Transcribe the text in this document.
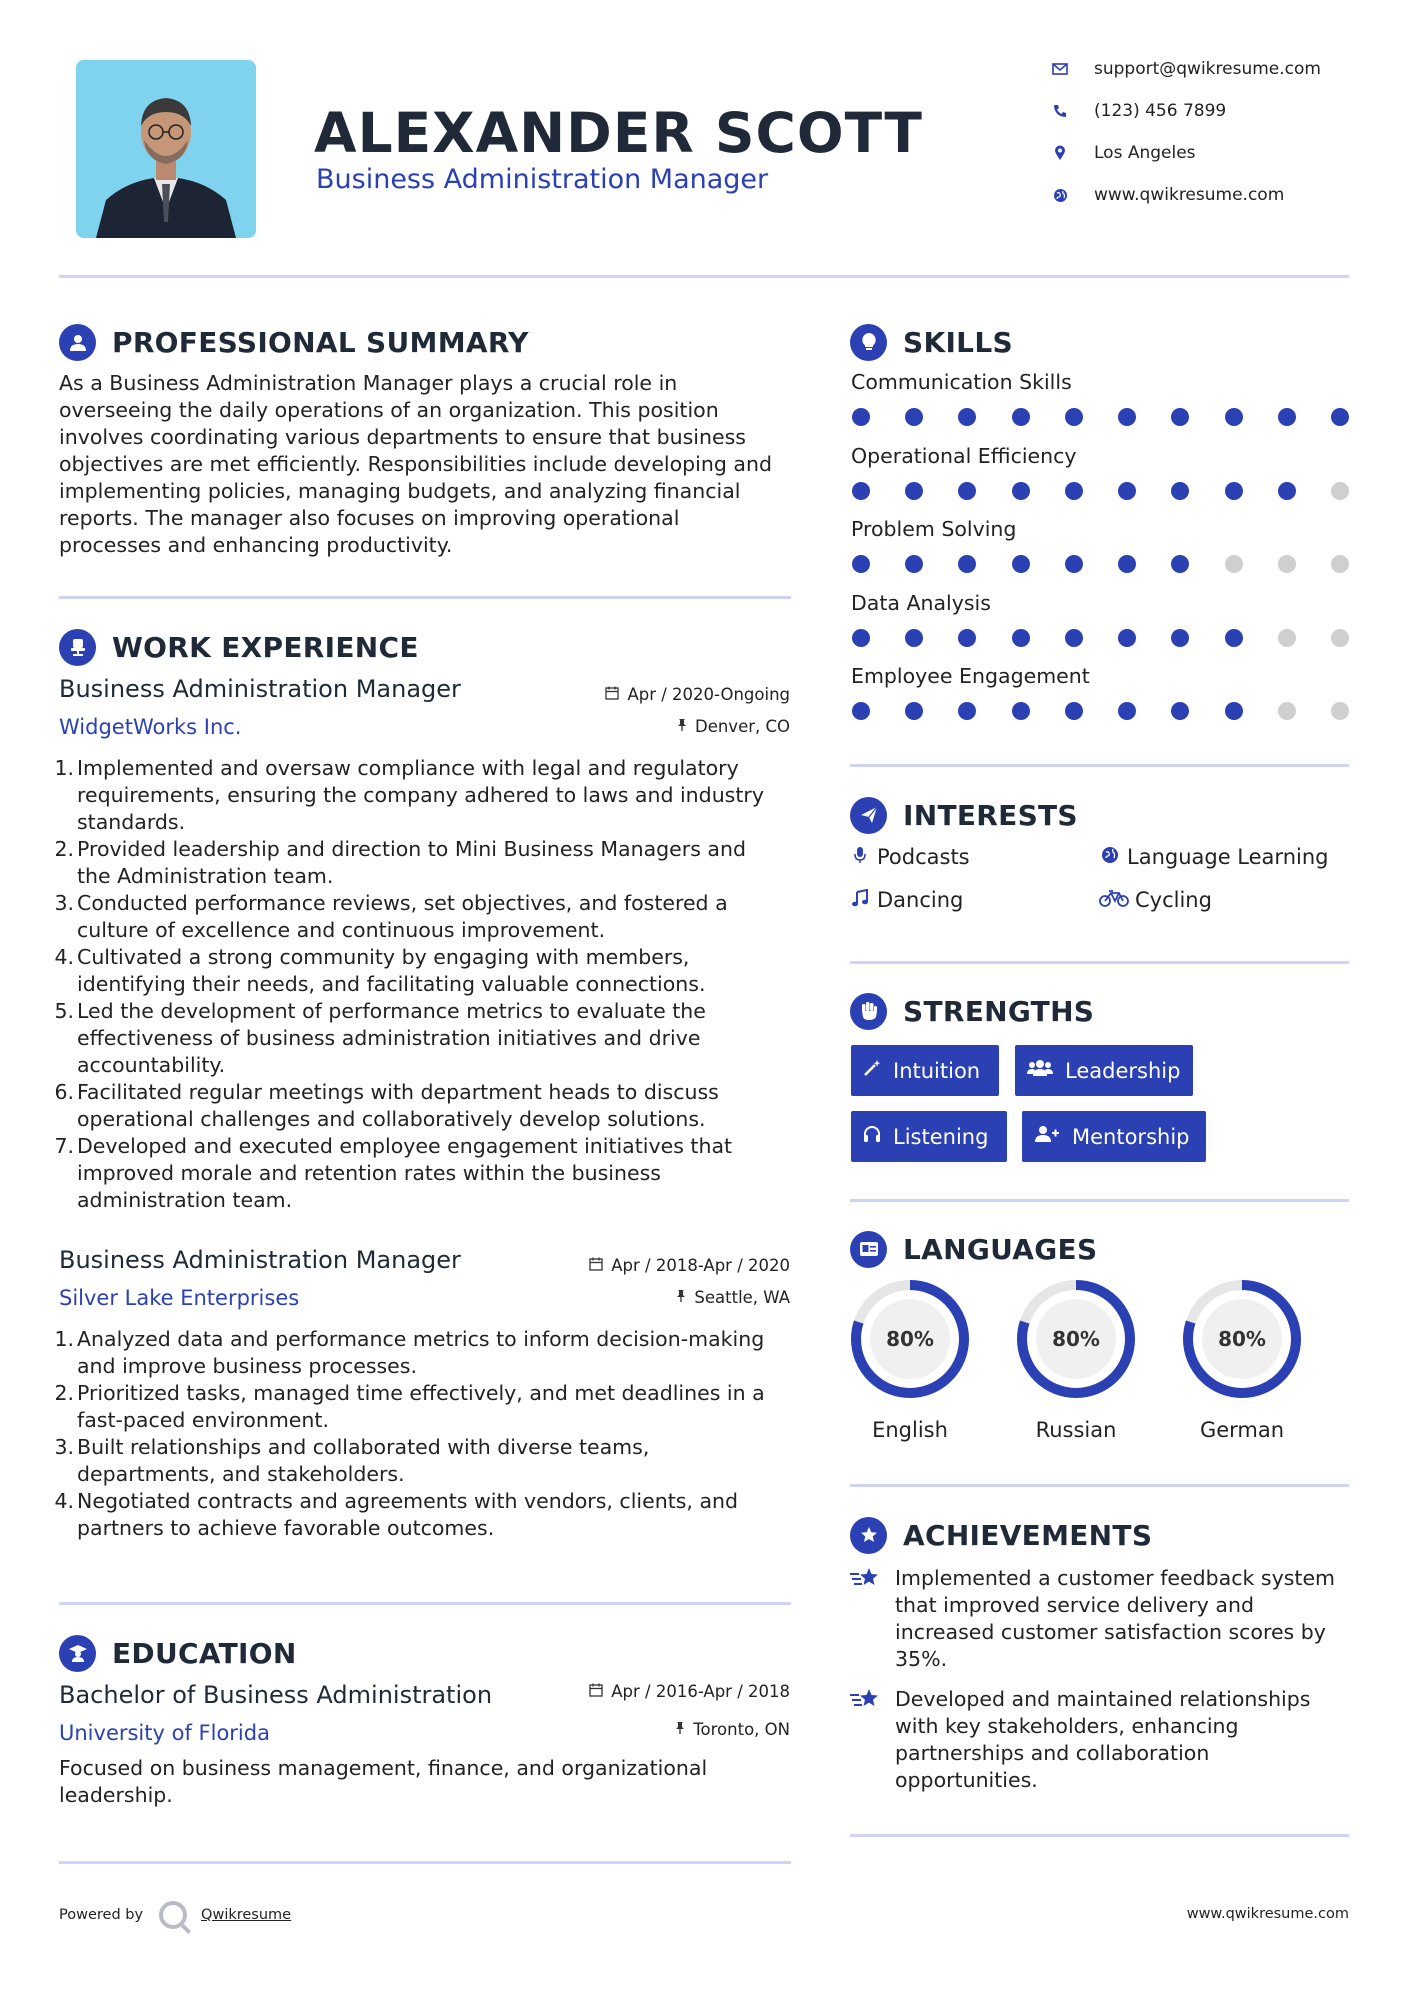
ALEXANDER SCOTT
Business Administration Manager
support@qwikresume.com
(123) 456 7899
Los Angeles
www.qwikresume.com
PROFESSIONAL SUMMARY
As a Business Administration Manager plays a crucial role in
overseeing the daily operations of an organization. This position
involves coordinating various departments to ensure that business
objectives are met efficiently. Responsibilities include developing and
implementing policies, managing budgets, and analyzing financial
reports. The manager also focuses on improving operational
processes and enhancing productivity.
WORK EXPERIENCE
Business Administration Manager
WidgetWorks Inc.
Apr / 2020-Ongoing
Denver, CO
1. Implemented and oversaw compliance with legal and regulatory
requirements, ensuring the company adhered to laws and industry
standards.
2. Provided leadership and direction to Mini Business Managers and
the Administration team.
3. Conducted performance reviews, set objectives, and fostered a
culture of excellence and continuous improvement.
4. Cultivated a strong community by engaging with members,
identifying their needs, and facilitating valuable connections.
5. Led the development of performance metrics to evaluate the
effectiveness of business administration initiatives and drive
accountability.
6. Facilitated regular meetings with department heads to discuss
operational challenges and collaboratively develop solutions.
7. Developed and executed employee engagement initiatives that
improved morale and retention rates within the business
administration team.
Business Administration Manager
Silver Lake Enterprises
Apr / 2018-Apr / 2020
Seattle, WA
1. Analyzed data and performance metrics to inform decision-making
and improve business processes.
2. Prioritized tasks, managed time effectively, and met deadlines in a
fast-paced environment.
3. Built relationships and collaborated with diverse teams,
departments, and stakeholders.
4. Negotiated contracts and agreements with vendors, clients, and
partners to achieve favorable outcomes.
EDUCATION
Bachelor of Business Administration
University of Florida
Apr / 2016-Apr / 2018
Toronto, ON
Focused on business management, finance, and organizational
leadership.
SKILLS
Communication Skills
Operational Efficiency
Problem Solving
Data Analysis
Employee Engagement
INTERESTS
Podcasts	Language Learning
Dancing	Cycling
STRENGTHS
Intuition	Leadership
Listening	Mentorship
LANGUAGES
80%
English
80%
Russian
80%
German
ACHIEVEMENTS
Implemented a customer feedback system
that improved service delivery and
increased customer satisfaction scores by
35%.
Developed and maintained relationships
with key stakeholders, enhancing
partnerships and collaboration
opportunities.
Powered by	Qwikresume	www.qwikresume.com
